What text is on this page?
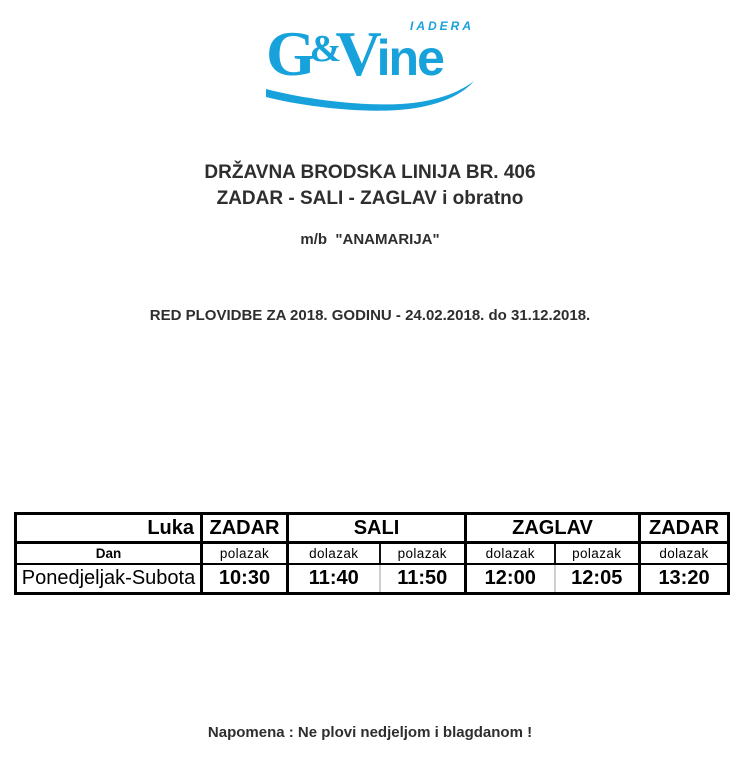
IADERA
G&Vine
DRŽAVNA BRODSKA LINIJA BR. 406
ZADAR - SALI - ZAGLAV i obratno
m/b  "ANAMARIJA"
RED PLOVIDBE ZA 2018. GODINU - 24.02.2018. do 31.12.2018.
Luka	ZADAR	SALI		ZAGLAV		ZADAR
Dan	polazak	dolazak	polazak	dolazak	polazak	dolazak
Ponedjeljak-Subota	10:30	11:40	11:50	12:00	12:05	13:20
Napomena : Ne plovi nedjeljom i blagdanom !
